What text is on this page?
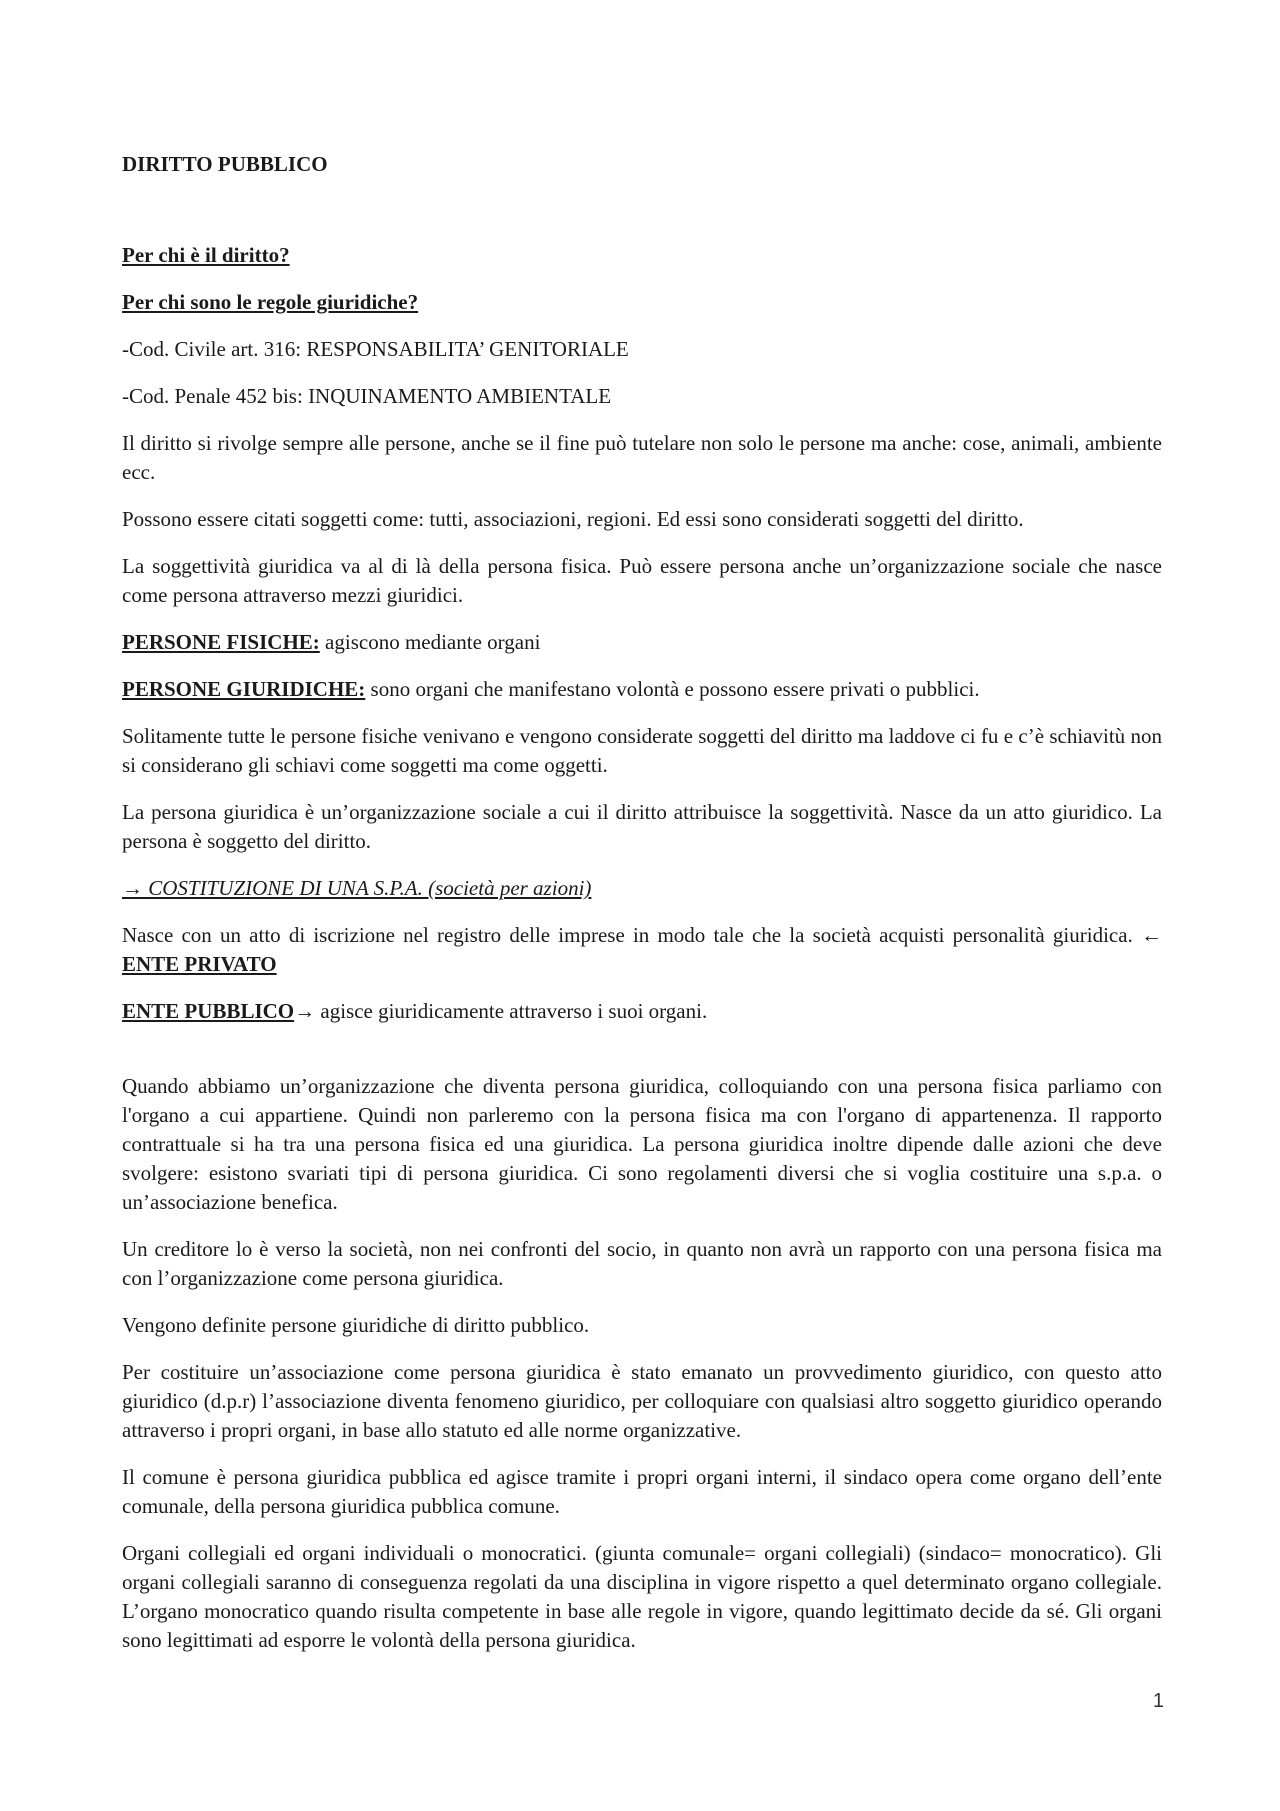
DIRITTO PUBBLICO

Per chi è il diritto?

Per chi sono le regole giuridiche?

-Cod. Civile art. 316: RESPONSABILITA’ GENITORIALE

-Cod. Penale 452 bis: INQUINAMENTO AMBIENTALE

Il diritto si rivolge sempre alle persone, anche se il fine può tutelare non solo le persone ma anche: cose, animali, ambiente ecc.

Possono essere citati soggetti come: tutti, associazioni, regioni. Ed essi sono considerati soggetti del diritto.

La soggettività giuridica va al di là della persona fisica. Può essere persona anche un’organizzazione sociale che nasce come persona attraverso mezzi giuridici.

PERSONE FISICHE: agiscono mediante organi

PERSONE GIURIDICHE: sono organi che manifestano volontà e possono essere privati o pubblici.

Solitamente tutte le persone fisiche venivano e vengono considerate soggetti del diritto ma laddove ci fu e c’è schiavitù non si considerano gli schiavi come soggetti ma come oggetti.

La persona giuridica è un’organizzazione sociale a cui il diritto attribuisce la soggettività. Nasce da un atto giuridico. La persona è soggetto del diritto.

→ COSTITUZIONE DI UNA S.P.A. (società per azioni)

Nasce con un atto di iscrizione nel registro delle imprese in modo tale che la società acquisti personalità giuridica. ← ENTE PRIVATO

ENTE PUBBLICO→ agisce giuridicamente attraverso i suoi organi.

Quando abbiamo un’organizzazione che diventa persona giuridica, colloquiando con una persona fisica parliamo con l'organo a cui appartiene. Quindi non parleremo con la persona fisica ma con l'organo di appartenenza. Il rapporto contrattuale si ha tra una persona fisica ed una giuridica. La persona giuridica inoltre dipende dalle azioni che deve svolgere: esistono svariati tipi di persona giuridica. Ci sono regolamenti diversi che si voglia costituire una s.p.a. o un’associazione benefica.

Un creditore lo è verso la società, non nei confronti del socio, in quanto non avrà un rapporto con una persona fisica ma con l’organizzazione come persona giuridica.

Vengono definite persone giuridiche di diritto pubblico.

Per costituire un’associazione come persona giuridica è stato emanato un provvedimento giuridico, con questo atto giuridico (d.p.r) l’associazione diventa fenomeno giuridico, per colloquiare con qualsiasi altro soggetto giuridico operando attraverso i propri organi, in base allo statuto ed alle norme organizzative.

Il comune è persona giuridica pubblica ed agisce tramite i propri organi interni, il sindaco opera come organo dell’ente comunale, della persona giuridica pubblica comune.

Organi collegiali ed organi individuali o monocratici. (giunta comunale= organi collegiali) (sindaco= monocratico). Gli organi collegiali saranno di conseguenza regolati da una disciplina in vigore rispetto a quel determinato organo collegiale. L’organo monocratico quando risulta competente in base alle regole in vigore, quando legittimato decide da sé. Gli organi sono legittimati ad esporre le volontà della persona giuridica.

1
